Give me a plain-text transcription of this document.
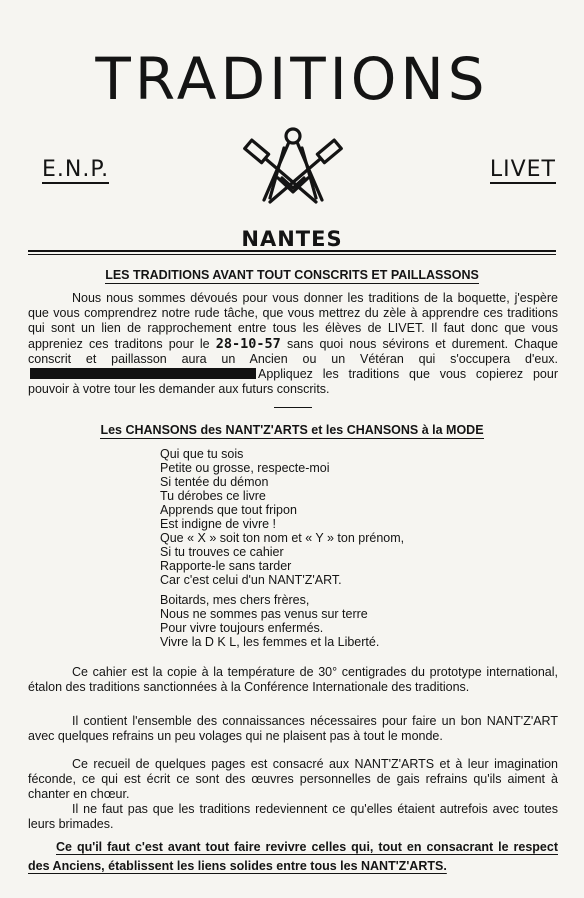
TRADITIONS
E.N.P.	LIVET
NANTES
LES TRADITIONS AVANT TOUT CONSCRITS ET PAILLASSONS
Nous nous sommes dévoués pour vous donner les traditions de la boquette, j'espère que vous comprendrez notre rude tâche, que vous mettrez du zèle à apprendre ces traditions qui sont un lien de rapprochement entre tous les élèves de LIVET. Il faut donc que vous appreniez ces traditons pour le 28-10-57 sans quoi nous sévirons et durement. Chaque conscrit et paillasson aura un Ancien ou un Vétéran qui s'occupera d'eux.Appliquez les traditions que vous copierez pour pouvoir à votre tour les demander aux futurs conscrits.
Les CHANSONS des NANT'Z'ARTS et les CHANSONS à la MODE
Qui que tu sois
Petite ou grosse, respecte-moi
Si tentée du démon
Tu dérobes ce livre
Apprends que tout fripon
Est indigne de vivre !
Que « X » soit ton nom et « Y » ton prénom,
Si tu trouves ce cahier
Rapporte-le sans tarder
Car c'est celui d'un NANT'Z'ART.
Boitards, mes chers frères,
Nous ne sommes pas venus sur terre
Pour vivre toujours enfermés.
Vivre la D K L, les femmes et la Liberté.
Ce cahier est la copie à la température de 30° centigrades du prototype international, étalon des traditions sanctionnées à la Conférence Internationale des traditions.
Il contient l'ensemble des connaissances nécessaires pour faire un bon NANT'Z'ART avec quelques refrains un peu volages qui ne plaisent pas à tout le monde.
Ce recueil de quelques pages est consacré aux NANT'Z'ARTS et à leur imagination féconde, ce qui est écrit ce sont des œuvres personnelles de gais refrains qu'ils aiment à chanter en chœur.
Il ne faut pas que les traditions redeviennent ce qu'elles étaient autrefois avec toutes leurs brimades.
Ce qu'il faut c'est avant tout faire revivre celles qui, tout en consacrant le respect des Anciens, établissent les liens solides entre tous les NANT'Z'ARTS.
